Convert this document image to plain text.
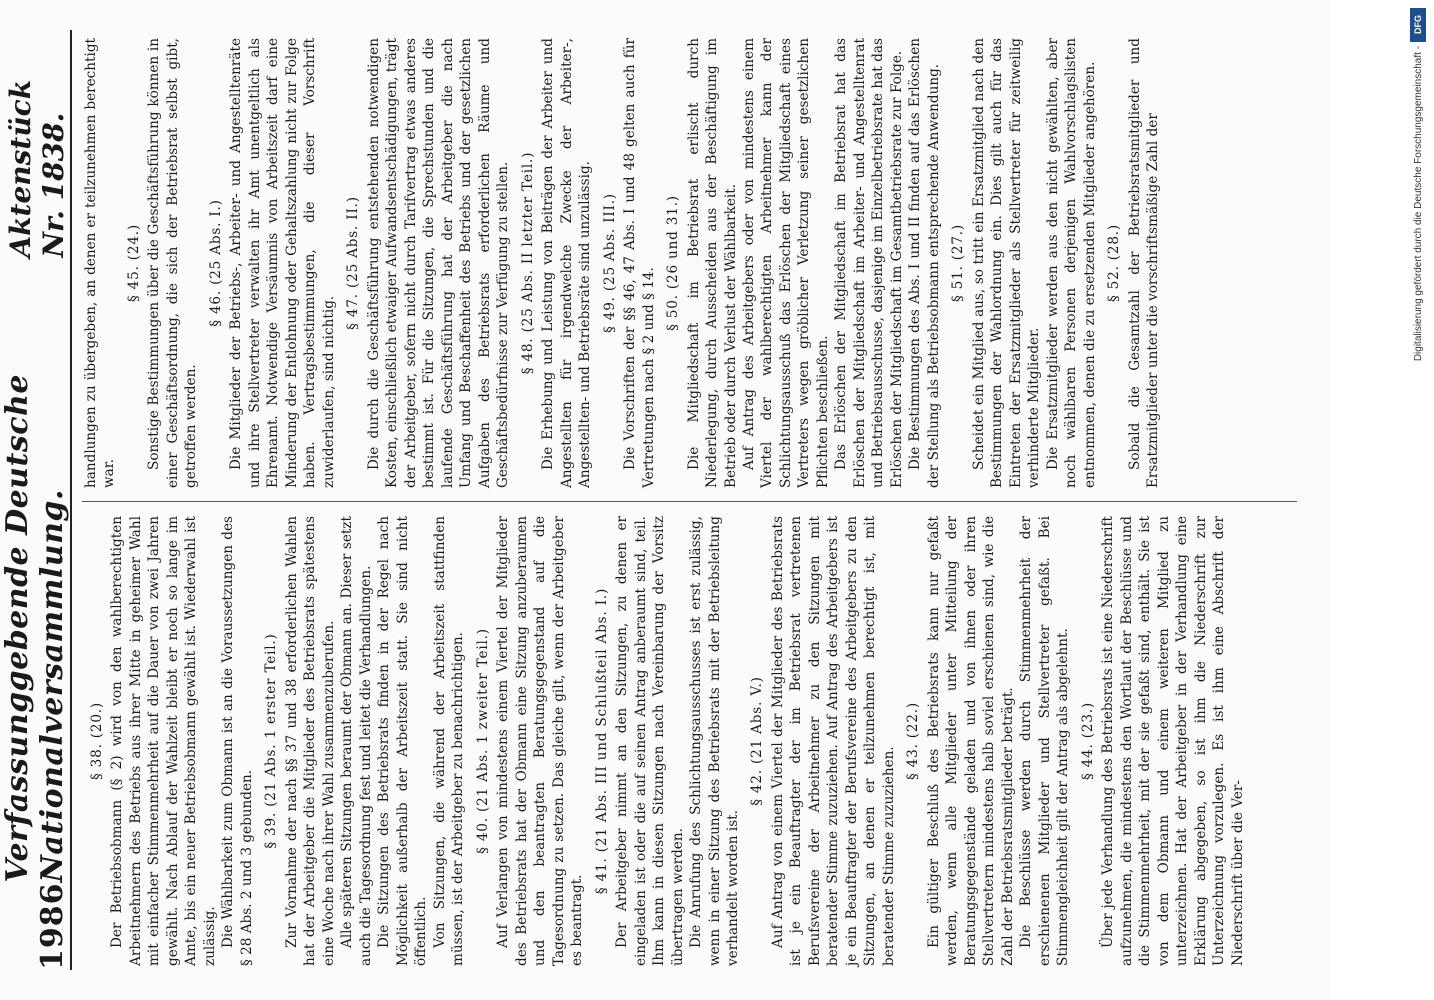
1986
Verfassunggebende Deutsche Nationalversammlung.
Aktenstück Nr. 1838.
§ 38. (20.) Der Betriebsobmann (§ 2) wird von den wahlberechtigten Arbeitnehmern des Betriebs aus ihrer Mitte in geheimer Wahl mit einfacher Stimmenmehrheit auf die Dauer von zwei Jahren gewählt. Nach Ablauf der Wahlzeit bleibt er noch so lange im Amte, bis ein neuer Betriebsobmann gewählt ist. Wiederwahl ist zulässig. Die Wählbarkeit zum Obmann ist an die Voraussetzungen des § 28 Abs. 2 und 3 gebunden.

§ 39. (21 Abs. 1 erster Teil.) Zur Vornahme der nach §§ 37 und 38 erforderlichen Wahlen hat der Arbeitgeber die Mitglieder des Betriebsrats spätestens eine Woche nach ihrer Wahl zusammenzuberufen. Alle späteren Sitzungen beraumt der Obmann an. Dieser setzt auch die Tagesordnung fest und leitet die Verhandlungen. Die Sitzungen des Betriebsrats finden in der Regel nach Möglichkeit außerhalb der Arbeitszeit statt. Sie sind nicht öffentlich. Von Sitzungen, die während der Arbeitszeit stattfinden müssen, ist der Arbeitgeber zu benachrichtigen. § 40. (21 Abs. 1 zweiter Teil.) Auf Verlangen von mindestens einem Viertel der Mitglieder des Betriebsrats hat der Obmann eine Sitzung anzuberaumen und den beantragten Beratungsgegenstand auf die Tagesordnung zu setzen. Das gleiche gilt, wenn der Arbeitgeber es beantragt.

§ 41. (21 Abs. III und Schlußteil Abs. I.) Der Arbeitgeber nimmt an den Sitzungen, zu denen er eingeladen ist oder die auf seinen Antrag anberaumt sind, teil. Ihm kann in diesen Sitzungen nach Vereinbarung der Vorsitz übertragen werden. Die Anrufung des Schlichtungsausschusses ist erst zulässig, wenn in einer Sitzung des Betriebsrats mit der Betriebsleitung verhandelt worden ist.

§ 42. (21 Abs. V.) Auf Antrag von einem Viertel der Mitglieder des Betriebsrats ist je ein Beauftragter der im Betriebsrat vertretenen Berufsvereine der Arbeitnehmer zu den Sitzungen mit beratender Stimme zuzuziehen. Auf Antrag des Arbeitgebers ist je ein Beauftragter der Berufsvereine des Arbeitgebers zu den Sitzungen, an denen er teilzunehmen berechtigt ist, mit beratender Stimme zuzuziehen.

§ 43. (22.) Ein gültiger Beschluß des Betriebsrats kann nur gefaßt werden, wenn alle Mitglieder unter Mitteilung der Beratungsgegenstände geladen und von ihnen oder ihren Stellvertretern mindestens halb soviel erschienen sind, wie die Zahl der Betriebsratsmitglieder beträgt. Die Beschlüsse werden durch Stimmenmehrheit der erschienenen Mitglieder und Stellvertreter gefaßt. Bei Stimmengleichheit gilt der Antrag als abgelehnt. § 44. (23.) Über jede Verhandlung des Betriebsrats ist eine Niederschrift aufzunehmen, die mindestens den Wortlaut der Beschlüsse und die Stimmenmehrheit, mit der sie gefaßt sind, enthält. Sie ist von dem Obmann und einem weiteren Mitglied zu unterzeichnen. Hat der Arbeitgeber in der Verhandlung eine Erklärung abgegeben, so ist ihm die Niederschrift zur Unterzeichnung vorzulegen. Es ist ihm eine Abschrift der Niederschrift über die Ver-

handlungen zu übergeben, an denen er teilzunehmen berechtigt war.

§ 45. (24.) Sonstige Bestimmungen über die Geschäftsführung können in einer Geschäftsordnung, die sich der Betriebsrat selbst gibt, getroffen werden.

§ 46. (25 Abs. I.) Die Mitglieder der Betriebs-, Arbeiter- und Angestelltenräte und ihre Stellvertreter verwalten ihr Amt unentgeltlich als Ehrenamt. Notwendige Versäumnis von Arbeitszeit darf eine Minderung der Entlohnung oder Gehaltszahlung nicht zur Folge haben. Vertragsbestimmungen, die dieser Vorschrift zuwiderlaufen, sind nichtig.

§ 47. (25 Abs. II.) Die durch die Geschäftsführung entstehenden notwendigen Kosten, einschließlich etwaiger Aufwandsentschädigungen, trägt der Arbeitgeber, sofern nicht durch Tarifvertrag etwas anderes bestimmt ist. Für die Sitzungen, die Sprechstunden und die laufende Geschäftsführung hat der Arbeitgeber die nach Umfang und Beschaffenheit des Betriebs und der gesetzlichen Aufgaben des Betriebsrats erforderlichen Räume und Geschäftsbedürfnisse zur Verfügung zu stellen. § 48. (25 Abs. II letzter Teil.) Die Erhebung und Leistung von Beiträgen der Arbeiter und Angestellten für irgendwelche Zwecke der Arbeiter-, Angestellten- und Betriebsräte sind unzulässig. § 49. (25 Abs. III.) Die Vorschriften der §§ 46, 47 Abs. I und 48 gelten auch für Vertretungen nach § 2 und § 14.

§ 50. (26 und 31.) Die Mitgliedschaft im Betriebsrat erlischt durch Niederlegung, durch Ausscheiden aus der Beschäftigung im Betrieb oder durch Verlust der Wählbarkeit. Auf Antrag des Arbeitgebers oder von mindestens einem Viertel der wahlberechtigten Arbeitnehmer kann der Schlichtungsausschuß das Erlöschen der Mitgliedschaft eines Vertreters wegen gröblicher Verletzung seiner gesetzlichen Pflichten beschließen. Das Erlöschen der Mitgliedschaft im Betriebsrat hat das Erlöschen der Mitgliedschaft im Arbeiter- und Angestelltenrat und Betriebsausschusse, dasjenige im Einzelbetriebsrate hat das Erlöschen der Mitgliedschaft im Gesamtbetriebsrate zur Folge. Die Bestimmungen des Abs. I und II finden auf das Erlöschen der Stellung als Betriebsobmann entsprechende Anwendung. § 51. (27.) Scheidet ein Mitglied aus, so tritt ein Ersatzmitglied nach den Bestimmungen der Wahlordnung ein. Dies gilt auch für das Eintreten der Ersatzmitglieder als Stellvertreter für zeitweilig verhinderte Mitglieder. Die Ersatzmitglieder werden aus den nicht gewählten, aber noch wählbaren Personen derjenigen Wahlvorschlagslisten entnommen, denen die zu ersetzenden Mitglieder angehören. § 52. (28.) Sobald die Gesamtzahl der Betriebsratsmitglieder und Ersatzmitglieder unter die vorschriftsmäßige Zahl der

DFG
Digitalisierung gefördert durch die Deutsche Forschungsgemeinschaft -
